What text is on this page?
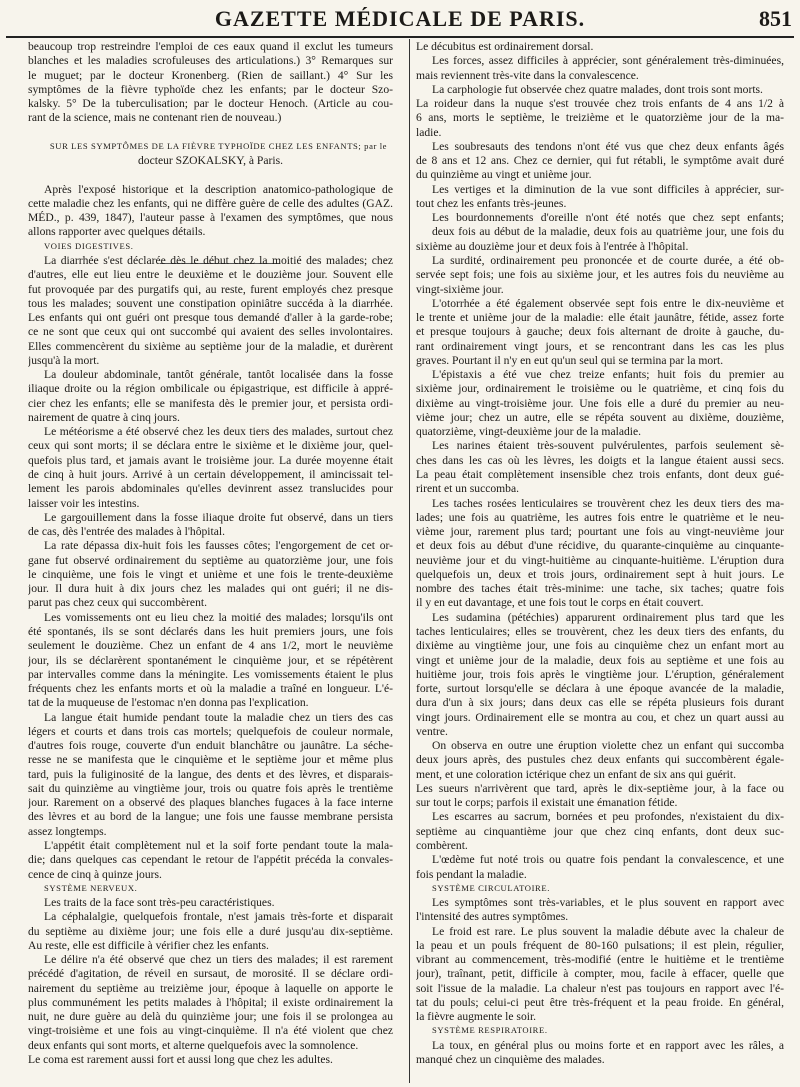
GAZETTE MÉDICALE DE PARIS.	851
beaucoup trop restreindre l'emploi de ces eaux quand il exclut les tumeurs
blanches et les maladies scrofuleuses des articulations.) 3° Remarques sur
le muguet; par le docteur Kronenberg. (Rien de saillant.) 4° Sur les
symptômes de la fièvre typhoïde chez les enfants; par le docteur Szo-
kalsky. 5° De la tuberculisation; par le docteur Henoch. (Article au cou-
rant de la science, mais ne contenant rien de nouveau.)
SUR LES SYMPTÔMES DE LA FIÈVRE TYPHOÏDE CHEZ LES ENFANTS; par le
docteur SZOKALSKY, à Paris.
Après l'exposé historique et la description anatomico-pathologique de
cette maladie chez les enfants, qui ne diffère guère de celle des adultes (GAZ.
MÉD., p. 439, 1847), l'auteur passe à l'examen des symptômes, que nous
allons rapporter avec quelques détails.
VOIES DIGESTIVES.
La diarrhée s'est déclarée dès le début chez la moitié des malades; chez
d'autres, elle eut lieu entre le deuxième et le douzième jour. Souvent elle
fut provoquée par des purgatifs qui, au reste, furent employés chez presque
tous les malades; souvent une constipation opiniâtre succéda à la diarrhée.
Les enfants qui ont guéri ont presque tous demandé d'aller à la garde-robe;
ce ne sont que ceux qui ont succombé qui avaient des selles involontaires.
Elles commencèrent du sixième au septième jour de la maladie, et durèrent
jusqu'à la mort.
La douleur abdominale, tantôt générale, tantôt localisée dans la fosse
iliaque droite ou la région ombilicale ou épigastrique, est difficile à appré-
cier chez les enfants; elle se manifesta dès le premier jour, et persista ordi-
nairement de quatre à cinq jours.
Le météorisme a été observé chez les deux tiers des malades, surtout chez
ceux qui sont morts; il se déclara entre le sixième et le dixième jour, quel-
quefois plus tard, et jamais avant le troisième jour. La durée moyenne était
de cinq à huit jours. Arrivé à un certain développement, il amincissait tel-
lement les parois abdominales qu'elles devinrent assez translucides pour
laisser voir les intestins.
Le gargouillement dans la fosse iliaque droite fut observé, dans un tiers
de cas, dès l'entrée des malades à l'hôpital.
La rate dépassa dix-huit fois les fausses côtes; l'engorgement de cet or-
gane fut observé ordinairement du septième au quatorzième jour, une fois
le cinquième, une fois le vingt et unième et une fois le trente-deuxième
jour. Il dura huit à dix jours chez les malades qui ont guéri; il ne dis-
parut pas chez ceux qui succombèrent.
Les vomissements ont eu lieu chez la moitié des malades; lorsqu'ils ont
été spontanés, ils se sont déclarés dans les huit premiers jours, une fois
seulement le douzième. Chez un enfant de 4 ans 1/2, mort le neuvième
jour, ils se déclarèrent spontanément le cinquième jour, et se répétèrent
par intervalles comme dans la méningite. Les vomissements étaient le plus
fréquents chez les enfants morts et où la maladie a traîné en longueur. L'é-
tat de la muqueuse de l'estomac n'en donna pas l'explication.
La langue était humide pendant toute la maladie chez un tiers des cas
légers et courts et dans trois cas mortels; quelquefois de couleur normale,
d'autres fois rouge, couverte d'un enduit blanchâtre ou jaunâtre. La séche-
resse ne se manifesta que le cinquième et le septième jour et même plus
tard, puis la fuliginosité de la langue, des dents et des lèvres, et disparais-
sait du quinzième au vingtième jour, trois ou quatre fois après le trentième
jour. Rarement on a observé des plaques blanches fugaces à la face interne
des lèvres et au bord de la langue; une fois une fausse membrane persista
assez longtemps.
L'appétit était complètement nul et la soif forte pendant toute la mala-
die; dans quelques cas cependant le retour de l'appétit précéda la convales-
cence de cinq à quinze jours.
SYSTÈME NERVEUX.
Les traits de la face sont très-peu caractéristiques.
La céphalalgie, quelquefois frontale, n'est jamais très-forte et disparait
du septième au dixième jour; une fois elle a duré jusqu'au dix-septième.
Au reste, elle est difficile à vérifier chez les enfants.
Le délire n'a été observé que chez un tiers des malades; il est rarement
précédé d'agitation, de réveil en sursaut, de morosité. Il se déclare ordi-
nairement du septième au treizième jour, époque à laquelle on apporte le
plus communément les petits malades à l'hôpital; il existe ordinairement la
nuit, ne dure guère au delà du quinzième jour; une fois il se prolongea au
vingt-troisième et une fois au vingt-cinquième. Il n'a été violent que chez
deux enfants qui sont morts, et alterne quelquefois avec la somnolence.
Le coma est rarement aussi fort et aussi long que chez les adultes.
Le décubitus est ordinairement dorsal.
Les forces, assez difficiles à apprécier, sont généralement très-diminuées,
mais reviennent très-vite dans la convalescence.
La carphologie fut observée chez quatre malades, dont trois sont morts.
La roideur dans la nuque s'est trouvée chez trois enfants de 4 ans 1/2 à
6 ans, morts le septième, le treizième et le quatorzième jour de la ma-
ladie.
Les soubresauts des tendons n'ont été vus que chez deux enfants âgés
de 8 ans et 12 ans. Chez ce dernier, qui fut rétabli, le symptôme avait duré
du quinzième au vingt et unième jour.
Les vertiges et la diminution de la vue sont difficiles à apprécier, sur-
tout chez les enfants très-jeunes.
Les bourdonnements d'oreille n'ont été notés que chez sept enfants;
deux fois au début de la maladie, deux fois au quatrième jour, une fois du
sixième au douzième jour et deux fois à l'entrée à l'hôpital.
La surdité, ordinairement peu prononcée et de courte durée, a été ob-
servée sept fois; une fois au sixième jour, et les autres fois du neuvième au
vingt-sixième jour.
L'otorrhée a été également observée sept fois entre le dix-neuvième et
le trente et unième jour de la maladie: elle était jaunâtre, fétide, assez forte
et presque toujours à gauche; deux fois alternant de droite à gauche, du-
rant ordinairement vingt jours, et se rencontrant dans les cas les plus
graves. Pourtant il n'y en eut qu'un seul qui se termina par la mort.
L'épistaxis a été vue chez treize enfants; huit fois du premier au
sixième jour, ordinairement le troisième ou le quatrième, et cinq fois du
dixième au vingt-troisième jour. Une fois elle a duré du premier au neu-
vième jour; chez un autre, elle se répéta souvent au dixième, douzième,
quatorzième, vingt-deuxième jour de la maladie.
Les narines étaient très-souvent pulvérulentes, parfois seulement sè-
ches dans les cas où les lèvres, les doigts et la langue étaient aussi secs.
La peau était complètement insensible chez trois enfants, dont deux gué-
rirent et un succomba.
Les taches rosées lenticulaires se trouvèrent chez les deux tiers des ma-
lades; une fois au quatrième, les autres fois entre le quatrième et le neu-
vième jour, rarement plus tard; pourtant une fois au vingt-neuvième jour
et deux fois au début d'une récidive, du quarante-cinquième au cinquante-
neuvième jour et du vingt-huitième au cinquante-huitième. L'éruption dura
quelquefois un, deux et trois jours, ordinairement sept à huit jours. Le
nombre des taches était très-minime: une tache, six taches; quatre fois
il y en eut davantage, et une fois tout le corps en était couvert.
Les sudamina (pétéchies) apparurent ordinairement plus tard que les
taches lenticulaires; elles se trouvèrent, chez les deux tiers des enfants, du
dixième au vingtième jour, une fois au cinquième chez un enfant mort au
vingt et unième jour de la maladie, deux fois au septième et une fois au
huitième jour, trois fois après le vingtième jour. L'éruption, généralement
forte, surtout lorsqu'elle se déclara à une époque avancée de la maladie,
dura d'un à six jours; dans deux cas elle se répéta plusieurs fois durant
vingt jours. Ordinairement elle se montra au cou, et chez un quart aussi au
ventre.
On observa en outre une éruption violette chez un enfant qui succomba
deux jours après, des pustules chez deux enfants qui succombèrent égale-
ment, et une coloration ictérique chez un enfant de six ans qui guérit.
Les sueurs n'arrivèrent que tard, après le dix-septième jour, à la face ou
sur tout le corps; parfois il existait une émanation fétide.
Les escarres au sacrum, bornées et peu profondes, n'existaient du dix-
septième au cinquantième jour que chez cinq enfants, dont deux suc-
combèrent.
L'œdème fut noté trois ou quatre fois pendant la convalescence, et une
fois pendant la maladie.
SYSTÈME CIRCULATOIRE.
Les symptômes sont très-variables, et le plus souvent en rapport avec
l'intensité des autres symptômes.
Le froid est rare. Le plus souvent la maladie débute avec la chaleur de
la peau et un pouls fréquent de 80-160 pulsations; il est plein, régulier,
vibrant au commencement, très-modifié (entre le huitième et le trentième
jour), traînant, petit, difficile à compter, mou, facile à effacer, quelle que
soit l'issue de la maladie. La chaleur n'est pas toujours en rapport avec l'é-
tat du pouls; celui-ci peut être très-fréquent et la peau froide. En général,
la fièvre augmente le soir.
SYSTÈME RESPIRATOIRE.
La toux, en général plus ou moins forte et en rapport avec les râles, a
manqué chez un cinquième des malades.
